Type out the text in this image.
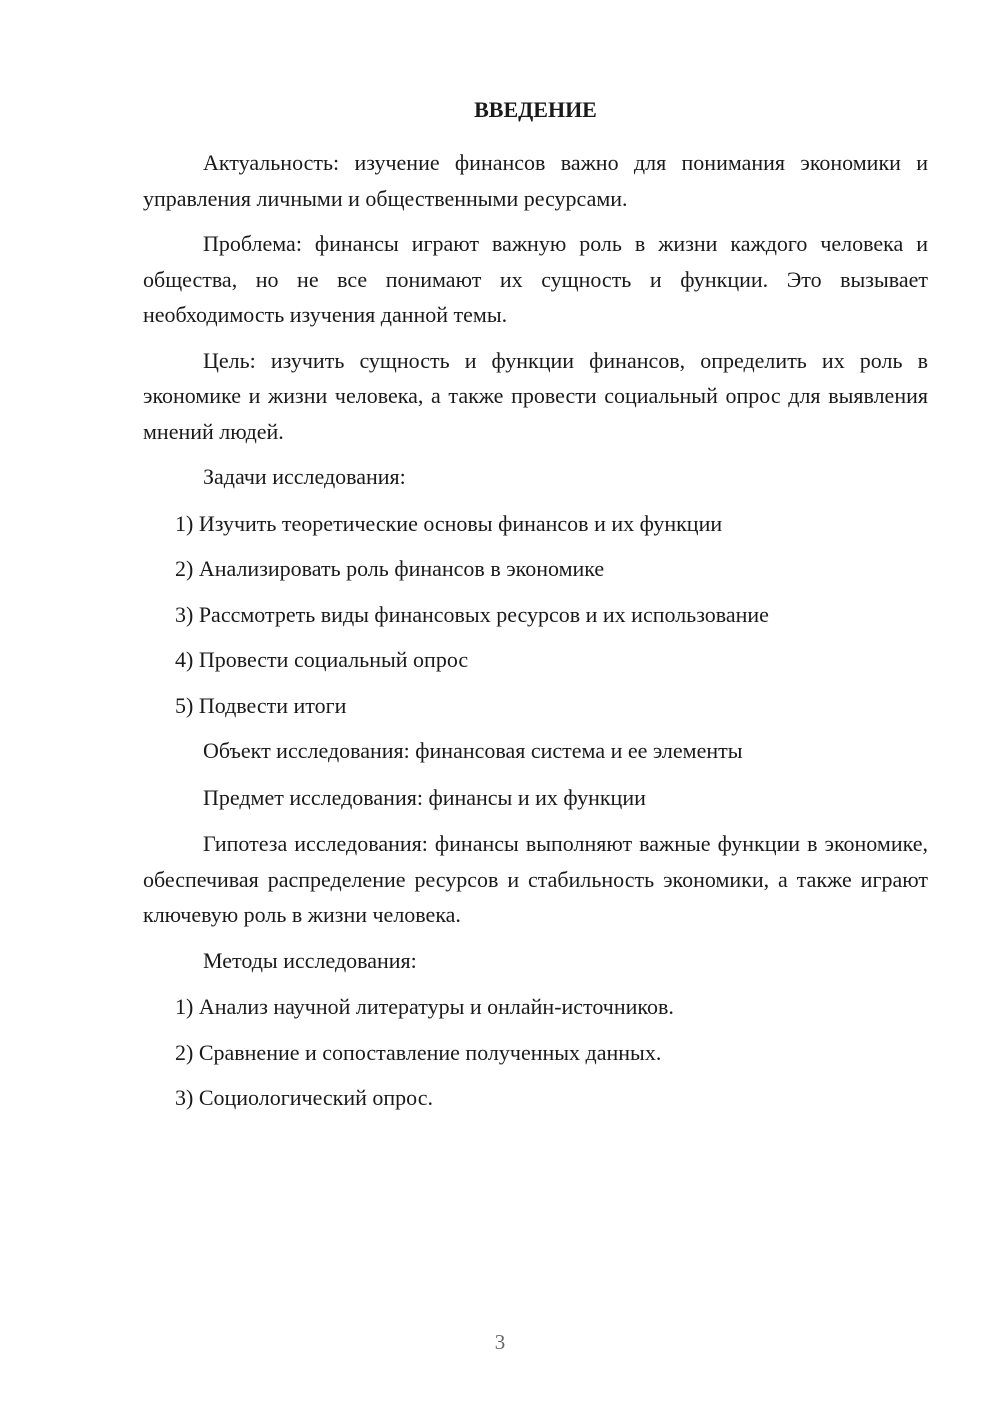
ВВЕДЕНИЕ

Актуальность: изучение финансов важно для понимания экономики и управления личными и общественными ресурсами.

Проблема: финансы играют важную роль в жизни каждого человека и общества, но не все понимают их сущность и функции. Это вызывает необходимость изучения данной темы.

Цель: изучить сущность и функции финансов, определить их роль в экономике и жизни человека, а также провести социальный опрос для выявления мнений людей.

Задачи исследования:

1) Изучить теоретические основы финансов и их функции
2) Анализировать роль финансов в экономике
3) Рассмотреть виды финансовых ресурсов и их использование
4) Провести социальный опрос
5) Подвести итоги

Объект исследования: финансовая система и ее элементы

Предмет исследования: финансы и их функции

Гипотеза исследования: финансы выполняют важные функции в экономике, обеспечивая распределение ресурсов и стабильность экономики, а также играют ключевую роль в жизни человека.

Методы исследования:

1) Анализ научной литературы и онлайн-источников.
2) Сравнение и сопоставление полученных данных.
3) Социологический опрос.
3
